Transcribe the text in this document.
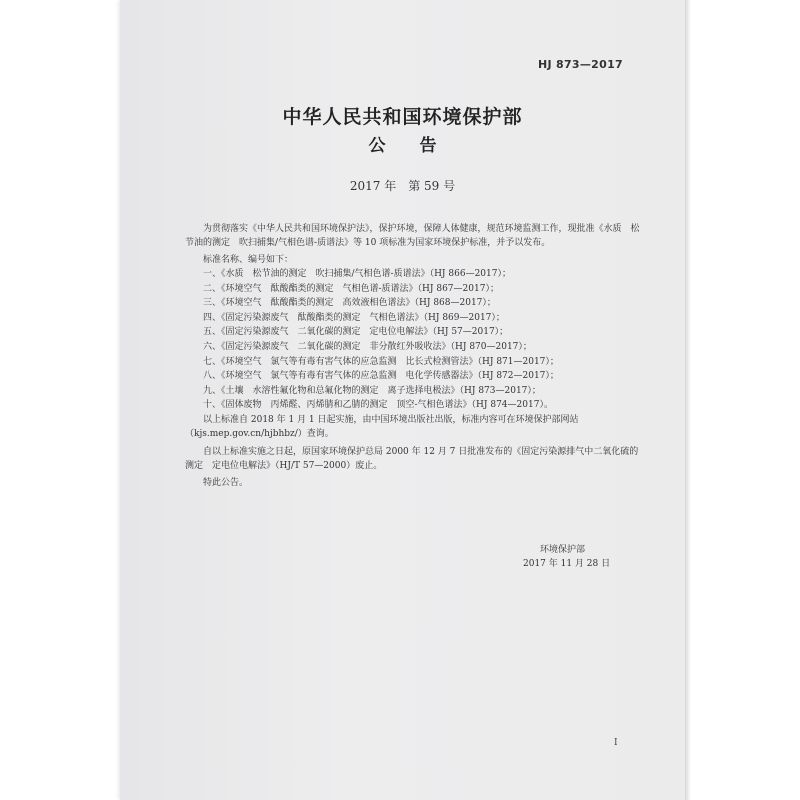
HJ 873—2017
中华人民共和国环境保护部
公 告
2017 年　第 59 号

为贯彻落实《中华人民共和国环境保护法》，保护环境，保障人体健康，规范环境监测工作，现批准《水质　松节油的测定　吹扫捕集/气相色谱-质谱法》等 10 项标准为国家环境保护标准，并予以发布。

标准名称、编号如下：

一、《水质　松节油的测定　吹扫捕集/气相色谱-质谱法》（HJ 866—2017）；
二、《环境空气　酞酸酯类的测定　气相色谱-质谱法》（HJ 867—2017）；
三、《环境空气　酞酸酯类的测定　高效液相色谱法》（HJ 868—2017）；
四、《固定污染源废气　酞酸酯类的测定　气相色谱法》（HJ 869—2017）；
五、《固定污染源废气　二氧化碳的测定　定电位电解法》（HJ 57—2017）；
六、《固定污染源废气　二氧化碳的测定　非分散红外吸收法》（HJ 870—2017）；
七、《环境空气　氯气等有毒有害气体的应急监测　比长式检测管法》（HJ 871—2017）；
八、《环境空气　氯气等有毒有害气体的应急监测　电化学传感器法》（HJ 872—2017）；
九、《土壤　水溶性氟化物和总氟化物的测定　离子选择电极法》（HJ 873—2017）；
十、《固体废物　丙烯醛、丙烯腈和乙腈的测定　顶空-气相色谱法》（HJ 874—2017）。

以上标准自 2018 年 1 月 1 日起实施，由中国环境出版社出版，标准内容可在环境保护部网站（kjs.mep.gov.cn/hjbhbz/）查询。

自以上标准实施之日起，原国家环境保护总局 2000 年 12 月 7 日批准发布的《固定污染源排气中二氧化硫的测定　定电位电解法》（HJ/T 57—2000）废止。

特此公告。

环境保护部
2017 年 11 月 28 日
I
